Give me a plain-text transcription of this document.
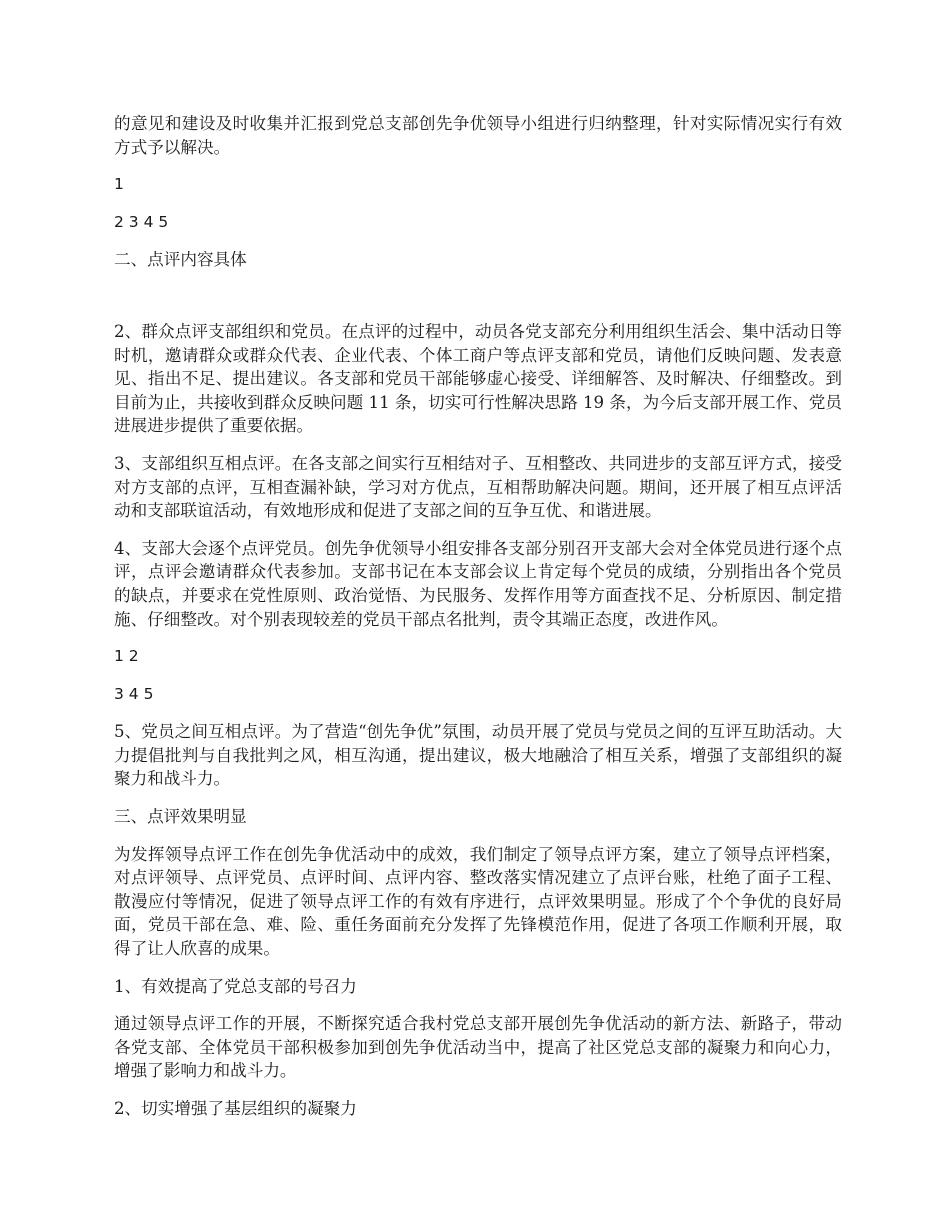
的意见和建设及时收集并汇报到党总支部创先争优领导小组进行归纳整理，针对实际情况实行有效方式予以解决。

1

2 3 4 5

二、点评内容具体

2、群众点评支部组织和党员。在点评的过程中，动员各党支部充分利用组织生活会、集中活动日等时机，邀请群众或群众代表、企业代表、个体工商户等点评支部和党员，请他们反映问题、发表意见、指出不足、提出建议。各支部和党员干部能够虚心接受、详细解答、及时解决、仔细整改。到目前为止，共接收到群众反映问题 11 条，切实可行性解决思路 19 条，为今后支部开展工作、党员进展进步提供了重要依据。

3、支部组织互相点评。在各支部之间实行互相结对子、互相整改、共同进步的支部互评方式，接受对方支部的点评，互相查漏补缺，学习对方优点，互相帮助解决问题。期间，还开展了相互点评活动和支部联谊活动，有效地形成和促进了支部之间的互争互优、和谐进展。

4、支部大会逐个点评党员。创先争优领导小组安排各支部分别召开支部大会对全体党员进行逐个点评，点评会邀请群众代表参加。支部书记在本支部会议上肯定每个党员的成绩，分别指出各个党员的缺点，并要求在党性原则、政治觉悟、为民服务、发挥作用等方面查找不足、分析原因、制定措施、仔细整改。对个别表现较差的党员干部点名批判，责令其端正态度，改进作风。

1 2

3 4 5

5、党员之间互相点评。为了营造“创先争优”氛围，动员开展了党员与党员之间的互评互助活动。大力提倡批判与自我批判之风，相互沟通，提出建议，极大地融洽了相互关系，增强了支部组织的凝聚力和战斗力。

三、点评效果明显

为发挥领导点评工作在创先争优活动中的成效，我们制定了领导点评方案，建立了领导点评档案，对点评领导、点评党员、点评时间、点评内容、整改落实情况建立了点评台账，杜绝了面子工程、散漫应付等情况，促进了领导点评工作的有效有序进行，点评效果明显。形成了个个争优的良好局面，党员干部在急、难、险、重任务面前充分发挥了先锋模范作用，促进了各项工作顺利开展，取得了让人欣喜的成果。

1、有效提高了党总支部的号召力

通过领导点评工作的开展，不断探究适合我村党总支部开展创先争优活动的新方法、新路子，带动各党支部、全体党员干部积极参加到创先争优活动当中，提高了社区党总支部的凝聚力和向心力，增强了影响力和战斗力。

2、切实增强了基层组织的凝聚力
